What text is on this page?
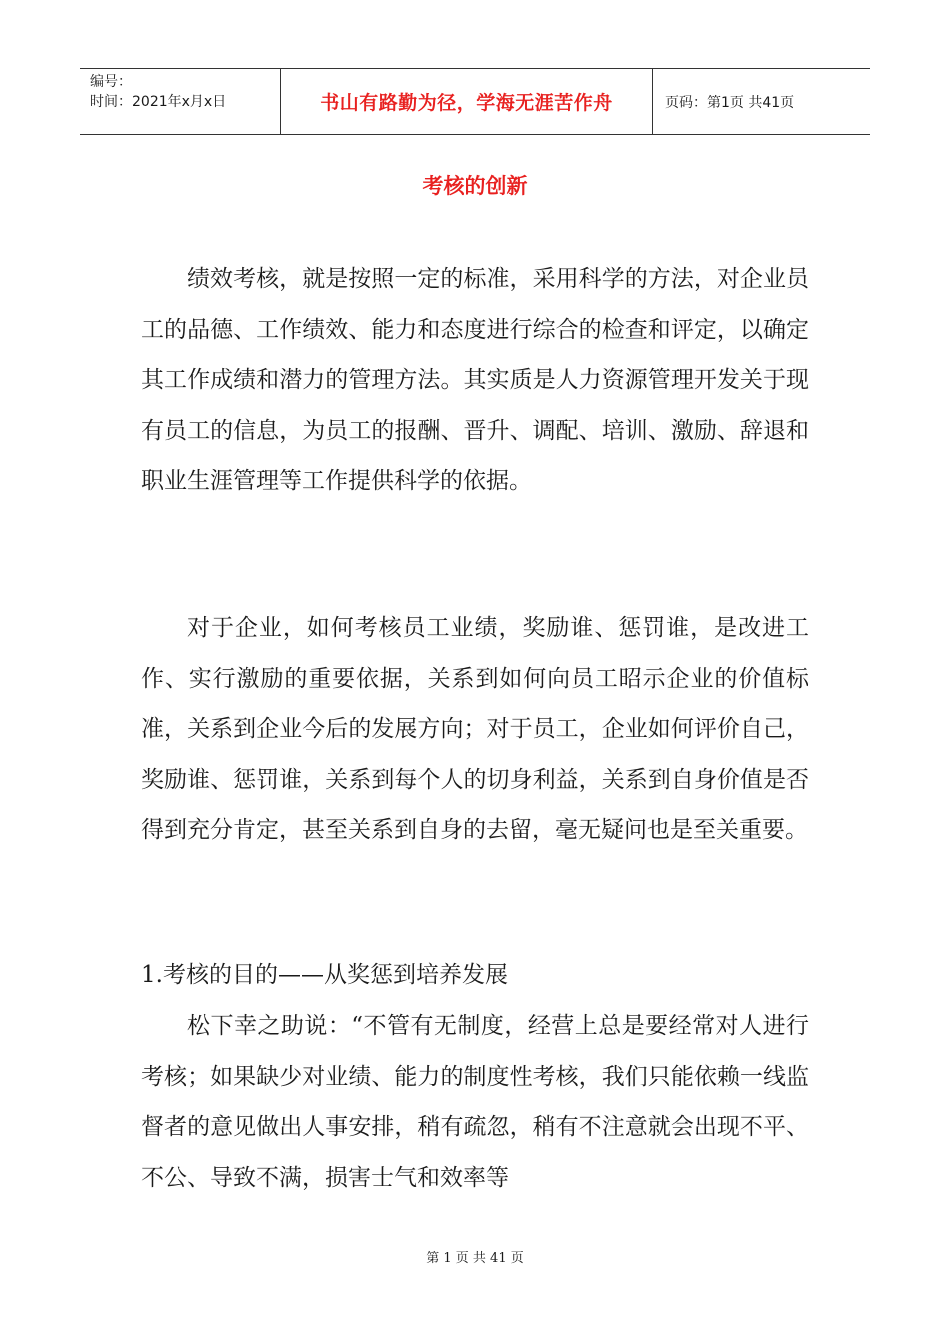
编号：
时间：2021年x月x日	书山有路勤为径，学海无涯苦作舟	页码：第1页 共41页
考核的创新
绩效考核，就是按照一定的标准，采用科学的方法，对企业员工的品德、工作绩效、能力和态度进行综合的检查和评定，以确定其工作成绩和潜力的管理方法。其实质是人力资源管理开发关于现有员工的信息，为员工的报酬、晋升、调配、培训、激励、辞退和职业生涯管理等工作提供科学的依据。
对于企业，如何考核员工业绩，奖励谁、惩罚谁，是改进工作、实行激励的重要依据，关系到如何向员工昭示企业的价值标准，关系到企业今后的发展方向；对于员工，企业如何评价自己，奖励谁、惩罚谁，关系到每个人的切身利益，关系到自身价值是否得到充分肯定，甚至关系到自身的去留，毫无疑问也是至关重要。
1.考核的目的——从奖惩到培养发展
松下幸之助说：“不管有无制度，经营上总是要经常对人进行考核；如果缺少对业绩、能力的制度性考核，我们只能依赖一线监督者的意见做出人事安排，稍有疏忽，稍有不注意就会出现不平、不公、导致不满，损害士气和效率等
第 1 页 共 41 页
